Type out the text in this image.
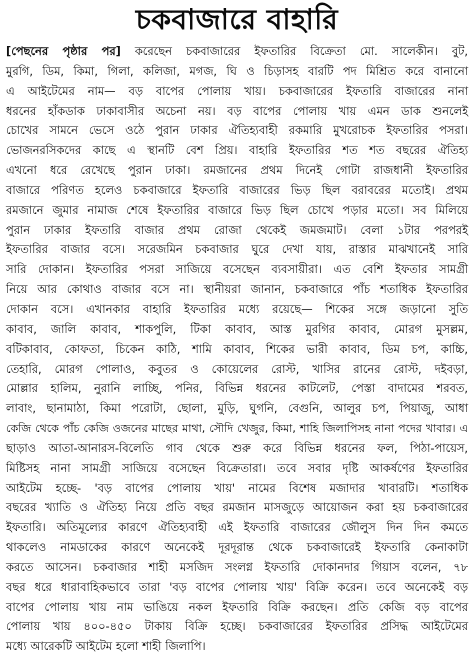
চকবাজারে বাহারি
[পেছনের পৃষ্ঠার পর] করেছেন চকবাজারের ইফতারির বিক্রেতা মো. সালেকীন। বুট,
মুরগি, ডিম, কিমা, গিলা, কলিজা, মগজ, ঘি ও চিড়াসহ বারটি পদ মিশ্রিত করে বানানো
এ আইটেমের নাম— বড় বাপের পোলায় খায়। চকবাজারের ইফতারি বাজারের নানা
ধরনের হাঁকডাক ঢাকাবাসীর অচেনা নয়। বড় বাপের পোলায় খায় এমন ডাক শুনলেই
চোখের সামনে ভেসে ওঠে পুরান ঢাকার ঐতিহ্যবাহী রকমারি মুখরোচক ইফতারির পসরা।
ভোজনরসিকদের কাছে এ স্থানটি বেশ প্রিয়। বাহারি ইফতারির শত শত বছরের ঐতিহ্য
এখনো ধরে রেখেছে পুরান ঢাকা। রমজানের প্রথম দিনেই গোটা রাজধানী ইফতারির
বাজারে পরিণত হলেও চকবাজারে ইফতারি বাজারের ভিড় ছিল বরাবরের মতোই। প্রথম
রমজানে জুমার নামাজ শেষে ইফতারির বাজারে ভিড় ছিল চোখে পড়ার মতো। সব মিলিয়ে
পুরান ঢাকার ইফতারি বাজার প্রথম রোজা থেকেই জমজমাট। বেলা ১টার পরপরই
ইফতারির বাজার বসে। সরেজমিন চকবাজার ঘুরে দেখা যায়, রাস্তার মাঝখানেই সারি
সারি দোকান। ইফতারির পসরা সাজিয়ে বসেছেন ব্যবসায়ীরা। এত বেশি ইফতার সামগ্রী
নিয়ে আর কোথাও বাজার বসে না। স্থানীয়রা জানান, চকবাজারে পাঁচ শতাধিক ইফতারির
দোকান বসে। এখানকার বাহারি ইফতারির মধ্যে রয়েছে— শিকের সঙ্গে জড়ানো সুতি
কাবাব, জালি কাবাব, শাকপুলি, টিকা কাবাব, আস্ত মুরগির কাবাব, মোরগ মুসল্লম,
বটিকাবাব, কোফতা, চিকেন কাঠি, শামি কাবাব, শিকের ভারী কাবাব, ডিম চপ, কাচ্চি,
তেহারি, মোরগ পোলাও, কবুতর ও কোয়েলের রোস্ট, খাসির রানের রোস্ট, দইবড়া,
মোল্লার হালিম, নুরানি লাচ্ছি, পনির, বিভিন্ন ধরনের কাটলেট, পেস্তা বাদামের শরবত,
লাবাং, ছানামাঠা, কিমা পরোটা, ছোলা, মুড়ি, ঘুগনি, বেগুনি, আলুর চপ, পিয়াজু, আধা
কেজি থেকে পাঁচ কেজি ওজনের মাছের মাথা, সৌদি খেজুর, কিমা, শাহি জিলাপিসহ নানা পদের খাবার। এ
ছাড়াও আতা-আনারস-বিলেতি গাব থেকে শুরু করে বিভিন্ন ধরনের ফল, পিঠা-পায়েস,
মিষ্টিসহ নানা সামগ্রী সাজিয়ে বসেছেন বিক্রেতারা। তবে সবার দৃষ্টি আকর্ষণের ইফতারির
আইটেম হচ্ছে- 'বড় বাপের পোলায় খায়' নামের বিশেষ মজাদার খাবারটি। শতাধিক
বছরের খ্যাতি ও ঐতিহ্য নিয়ে প্রতি বছর রমজান মাসজুড়ে আয়োজন করা হয় চকবাজারের
ইফতারি। অতিমূল্যের কারণে ঐতিহ্যবাহী এই ইফতারি বাজারের জৌলুস দিন দিন কমতে
থাকলেও নামডাকের কারণে অনেকেই দূরদূরান্ত থেকে চকবাজারেই ইফতারি কেনাকাটা
করতে আসেন। চকবাজার শাহী মসজিদ সংলগ্ন ইফতারি দোকানদার গিয়াস বলেন, ৭৮
বছর ধরে ধারাবাহিকভাবে তারা 'বড় বাপের পোলায় খায়' বিক্রি করেন। তবে অনেকেই বড়
বাপের পোলায় খায় নাম ভাঙিয়ে নকল ইফতারি বিক্রি করছেন। প্রতি কেজি বড় বাপের
পোলায় খায় ৪০০-৪৫০ টাকায় বিক্রি হচ্ছে। চকবাজারের ইফতারির প্রসিদ্ধ আইটেমের
মধ্যে আরেকটি আইটেম হলো শাহী জিলাপি।
